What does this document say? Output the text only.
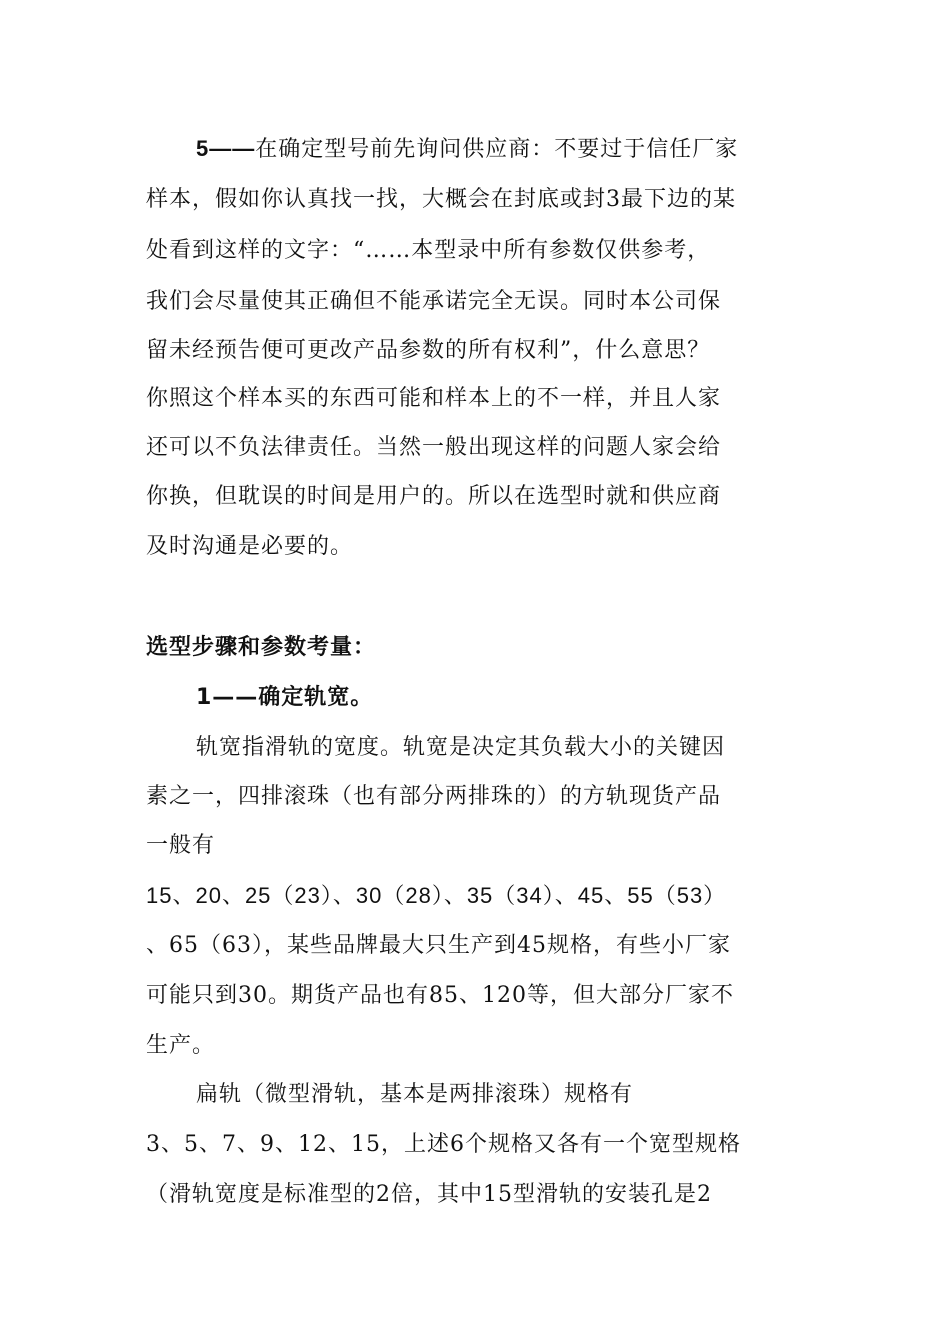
5——在确定型号前先询问供应商：不要过于信任厂家
样本，假如你认真找一找，大概会在封底或封3最下边的某
处看到这样的文字：“……本型录中所有参数仅供参考，
我们会尽量使其正确但不能承诺完全无误。同时本公司保
留未经预告便可更改产品参数的所有权利”，什么意思？
你照这个样本买的东西可能和样本上的不一样，并且人家
还可以不负法律责任。当然一般出现这样的问题人家会给
你换，但耽误的时间是用户的。所以在选型时就和供应商
及时沟通是必要的。
选型步骤和参数考量：
1——确定轨宽。
轨宽指滑轨的宽度。轨宽是决定其负载大小的关键因
素之一，四排滚珠（也有部分两排珠的）的方轨现货产品
一般有
15、20、25（23）、30（28）、35（34）、45、55（53）
、65（63），某些品牌最大只生产到45规格，有些小厂家
可能只到30。期货产品也有85、120等，但大部分厂家不
生产。
扁轨（微型滑轨，基本是两排滚珠）规格有
3、5、7、9、12、15，上述6个规格又各有一个宽型规格
（滑轨宽度是标准型的2倍，其中15型滑轨的安装孔是2
